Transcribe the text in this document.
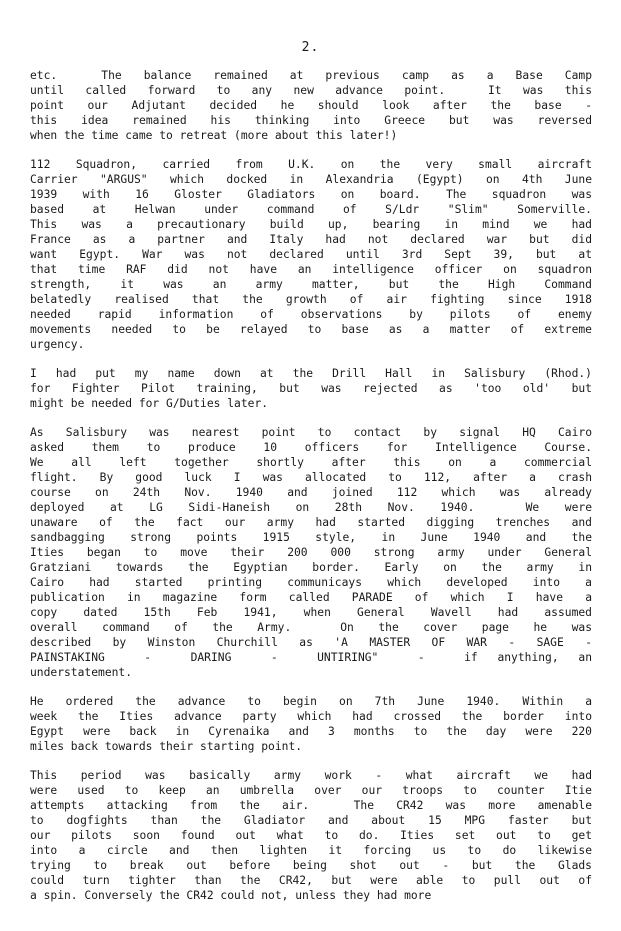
2.
etc.  The balance remained at previous camp as a Base Camp
until called forward to any new advance point.  It was this
point our Adjutant decided he should look after the base -
this idea remained his thinking into Greece but was reversed
when the time came to retreat (more about this later!)
112 Squadron, carried from U.K. on the very small aircraft
Carrier "ARGUS" which docked in Alexandria (Egypt) on 4th June
1939 with 16 Gloster Gladiators on board. The squadron was
based at Helwan under command of S/Ldr "Slim" Somerville.
This was a precautionary build up, bearing in mind we had
France as a partner and Italy had not declared war but did
want Egypt. War was not declared until 3rd Sept 39, but at
that time RAF did not have an intelligence officer on squadron
strength, it was an army matter, but the High Command
belatedly realised that the growth of air fighting since 1918
needed rapid information of observations by pilots of enemy
movements needed to be relayed to base as a matter of extreme
urgency.
I had put my name down at the Drill Hall in Salisbury (Rhod.)
for Fighter Pilot training, but was rejected as 'too old' but
might be needed for G/Duties later.
As Salisbury was nearest point to contact by signal HQ Cairo
asked them to produce 10 officers for Intelligence Course.
We all left together shortly after this on a commercial
flight. By good luck I was allocated to 112, after a crash
course on 24th Nov. 1940 and joined 112 which was already
deployed at LG Sidi-Haneish on 28th Nov. 1940.  We were
unaware of the fact our army had started digging trenches and
sandbagging strong points 1915 style, in June 1940 and the
Ities began to move their 200 000 strong army under General
Gratziani towards the Egyptian border. Early on the army in
Cairo had started printing communicays which developed into a
publication in magazine form called PARADE of which I have a
copy dated 15th Feb 1941, when General Wavell had assumed
overall command of the Army.  On the cover page he was
described by Winston Churchill as 'A MASTER OF WAR - SAGE -
PAINSTAKING  -  DARING  -  UNTIRING"  -  if anything, an
understatement.
He ordered the advance to begin on 7th June 1940. Within a
week the Ities advance party which had crossed the border into
Egypt were back in Cyrenaika and 3 months to the day were 220
miles back towards their starting point.
This period was basically army work - what aircraft we had
were used to keep an umbrella over our troops to counter Itie
attempts attacking from the air.  The CR42 was more amenable
to dogfights than the Gladiator and about 15 MPG faster but
our pilots soon found out what to do. Ities set out to get
into a circle and then lighten it forcing us to do likewise
trying to break out before being shot out - but the Glads
could turn tighter than the CR42, but were able to pull out of
a spin. Conversely the CR42 could not, unless they had more
